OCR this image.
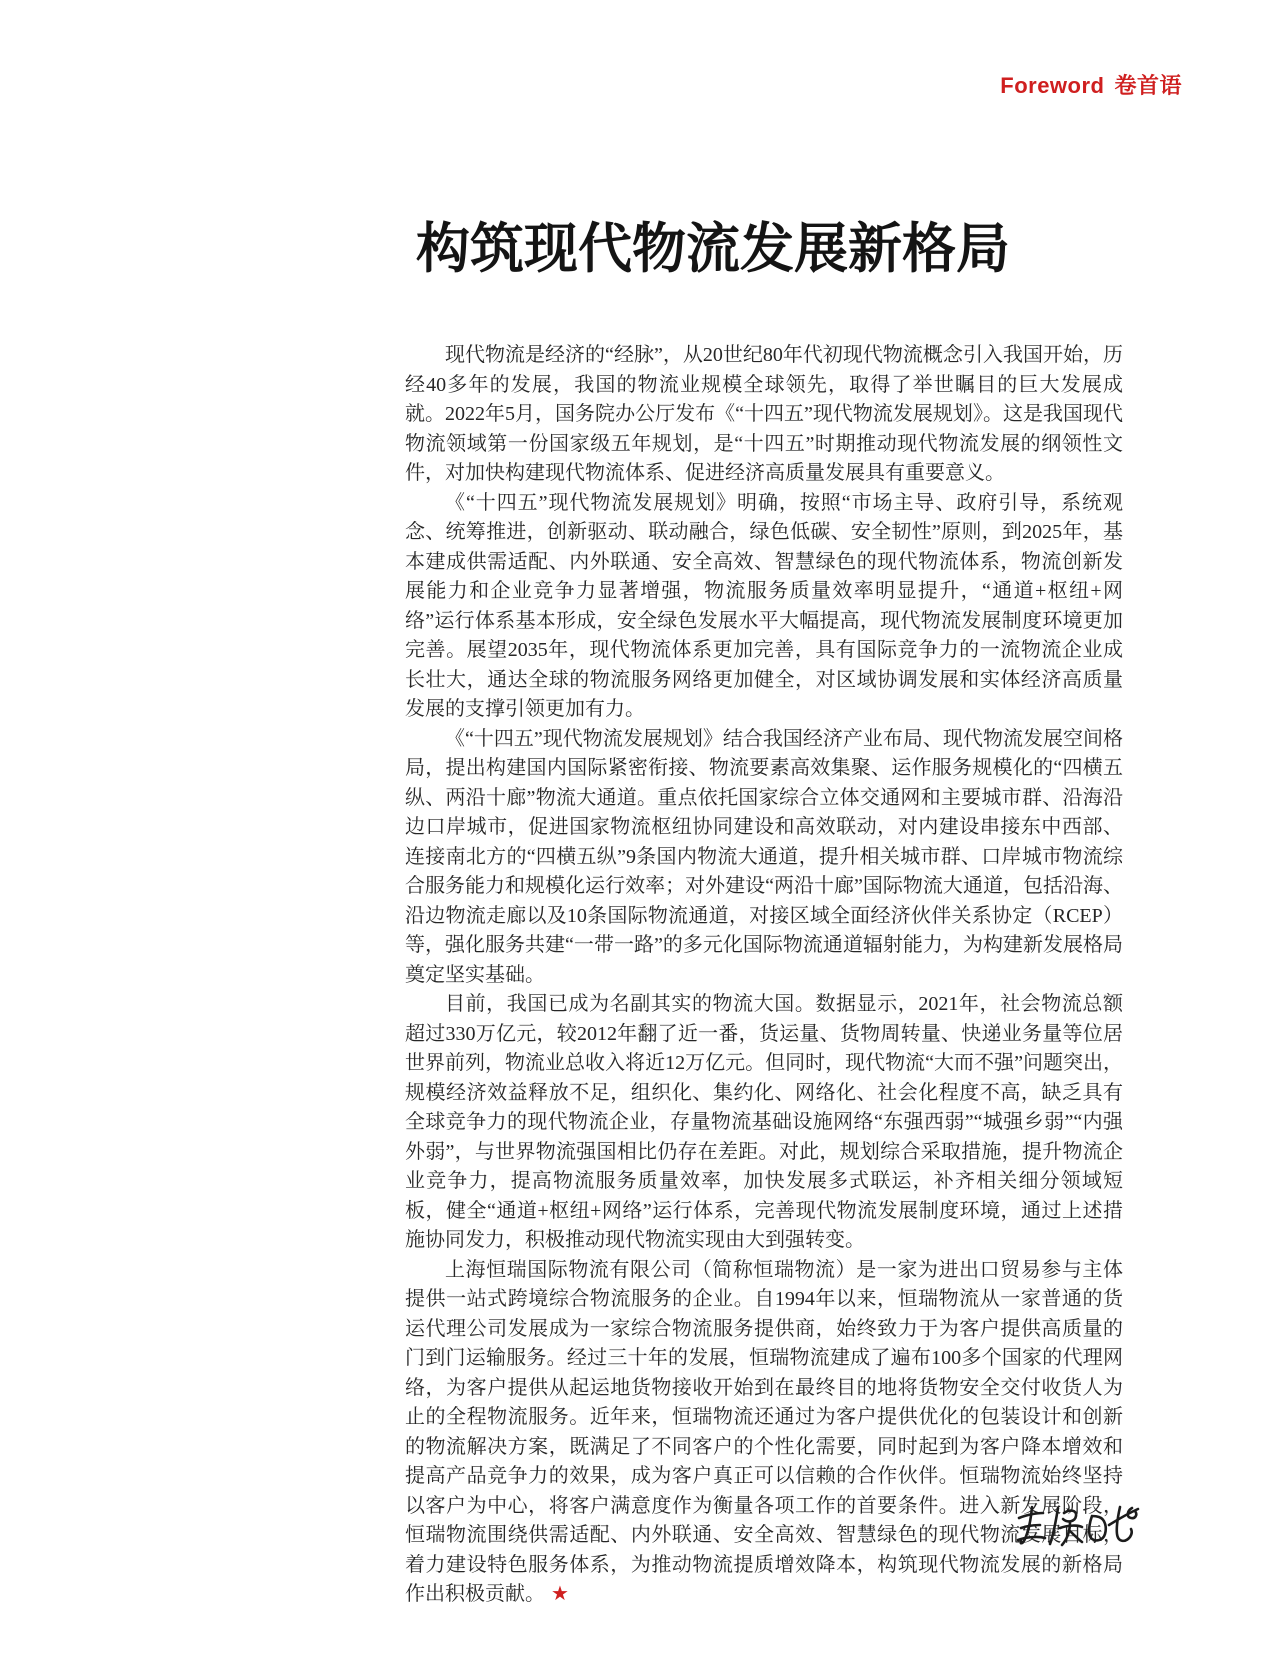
Foreword 卷首语
构筑现代物流发展新格局

现代物流是经济的“经脉”，从20世纪80年代初现代物流概念引入我国开始，历经40多年的发展，我国的物流业规模全球领先，取得了举世瞩目的巨大发展成就。2022年5月，国务院办公厅发布《“十四五”现代物流发展规划》。这是我国现代物流领域第一份国家级五年规划，是“十四五”时期推动现代物流发展的纲领性文件，对加快构建现代物流体系、促进经济高质量发展具有重要意义。

《“十四五”现代物流发展规划》明确，按照“市场主导、政府引导，系统观念、统筹推进，创新驱动、联动融合，绿色低碳、安全韧性”原则，到2025年，基本建成供需适配、内外联通、安全高效、智慧绿色的现代物流体系，物流创新发展能力和企业竞争力显著增强，物流服务质量效率明显提升，“通道+枢纽+网络”运行体系基本形成，安全绿色发展水平大幅提高，现代物流发展制度环境更加完善。展望2035年，现代物流体系更加完善，具有国际竞争力的一流物流企业成长壮大，通达全球的物流服务网络更加健全，对区域协调发展和实体经济高质量发展的支撑引领更加有力。

《“十四五”现代物流发展规划》结合我国经济产业布局、现代物流发展空间格局，提出构建国内国际紧密衔接、物流要素高效集聚、运作服务规模化的“四横五纵、两沿十廊”物流大通道。重点依托国家综合立体交通网和主要城市群、沿海沿边口岸城市，促进国家物流枢纽协同建设和高效联动，对内建设串接东中西部、连接南北方的“四横五纵”9条国内物流大通道，提升相关城市群、口岸城市物流综合服务能力和规模化运行效率；对外建设“两沿十廊”国际物流大通道，包括沿海、沿边物流走廊以及10条国际物流通道，对接区域全面经济伙伴关系协定（RCEP）等，强化服务共建“一带一路”的多元化国际物流通道辐射能力，为构建新发展格局奠定坚实基础。

目前，我国已成为名副其实的物流大国。数据显示，2021年，社会物流总额超过330万亿元，较2012年翻了近一番，货运量、货物周转量、快递业务量等位居世界前列，物流业总收入将近12万亿元。但同时，现代物流“大而不强”问题突出，规模经济效益释放不足，组织化、集约化、网络化、社会化程度不高，缺乏具有全球竞争力的现代物流企业，存量物流基础设施网络“东强西弱”“城强乡弱”“内强外弱”，与世界物流强国相比仍存在差距。对此，规划综合采取措施，提升物流企业竞争力，提高物流服务质量效率，加快发展多式联运，补齐相关细分领域短板，健全“通道+枢纽+网络”运行体系，完善现代物流发展制度环境，通过上述措施协同发力，积极推动现代物流实现由大到强转变。

上海恒瑞国际物流有限公司（简称恒瑞物流）是一家为进出口贸易参与主体提供一站式跨境综合物流服务的企业。自1994年以来，恒瑞物流从一家普通的货运代理公司发展成为一家综合物流服务提供商，始终致力于为客户提供高质量的门到门运输服务。经过三十年的发展，恒瑞物流建成了遍布100多个国家的代理网络，为客户提供从起运地货物接收开始到在最终目的地将货物安全交付收货人为止的全程物流服务。近年来，恒瑞物流还通过为客户提供优化的包装设计和创新的物流解决方案，既满足了不同客户的个性化需要，同时起到为客户降本增效和提高产品竞争力的效果，成为客户真正可以信赖的合作伙伴。恒瑞物流始终坚持以客户为中心，将客户满意度作为衡量各项工作的首要条件。进入新发展阶段，恒瑞物流围绕供需适配、内外联通、安全高效、智慧绿色的现代物流发展目标，着力建设特色服务体系，为推动物流提质增效降本，构筑现代物流发展的新格局作出积极贡献。 ★
